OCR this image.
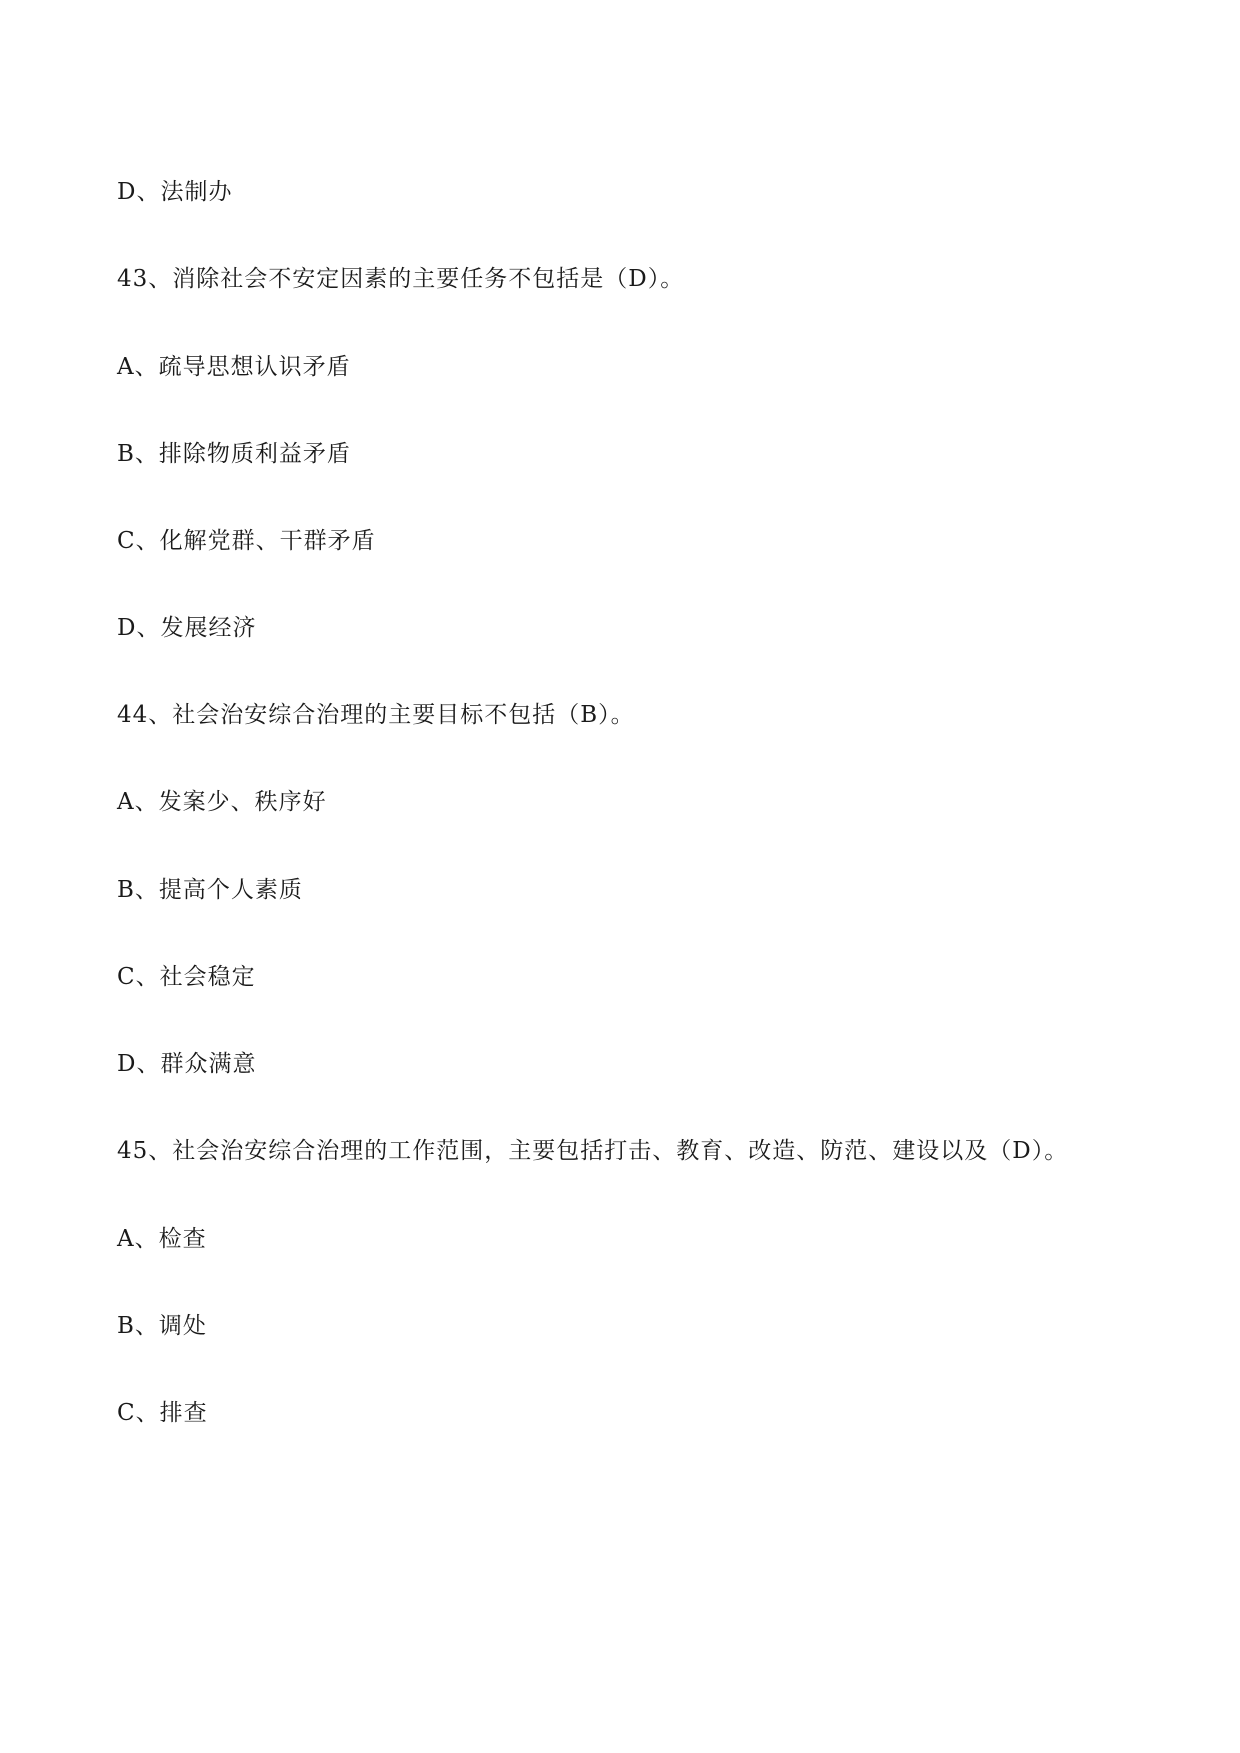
D、法制办
43、消除社会不安定因素的主要任务不包括是（D）。
A、疏导思想认识矛盾
B、排除物质利益矛盾
C、化解党群、干群矛盾
D、发展经济
44、社会治安综合治理的主要目标不包括（B）。
A、发案少、秩序好
B、提高个人素质
C、社会稳定
D、群众满意
45、社会治安综合治理的工作范围，主要包括打击、教育、改造、防范、建设以及（D）。
A、检查
B、调处
C、排查
